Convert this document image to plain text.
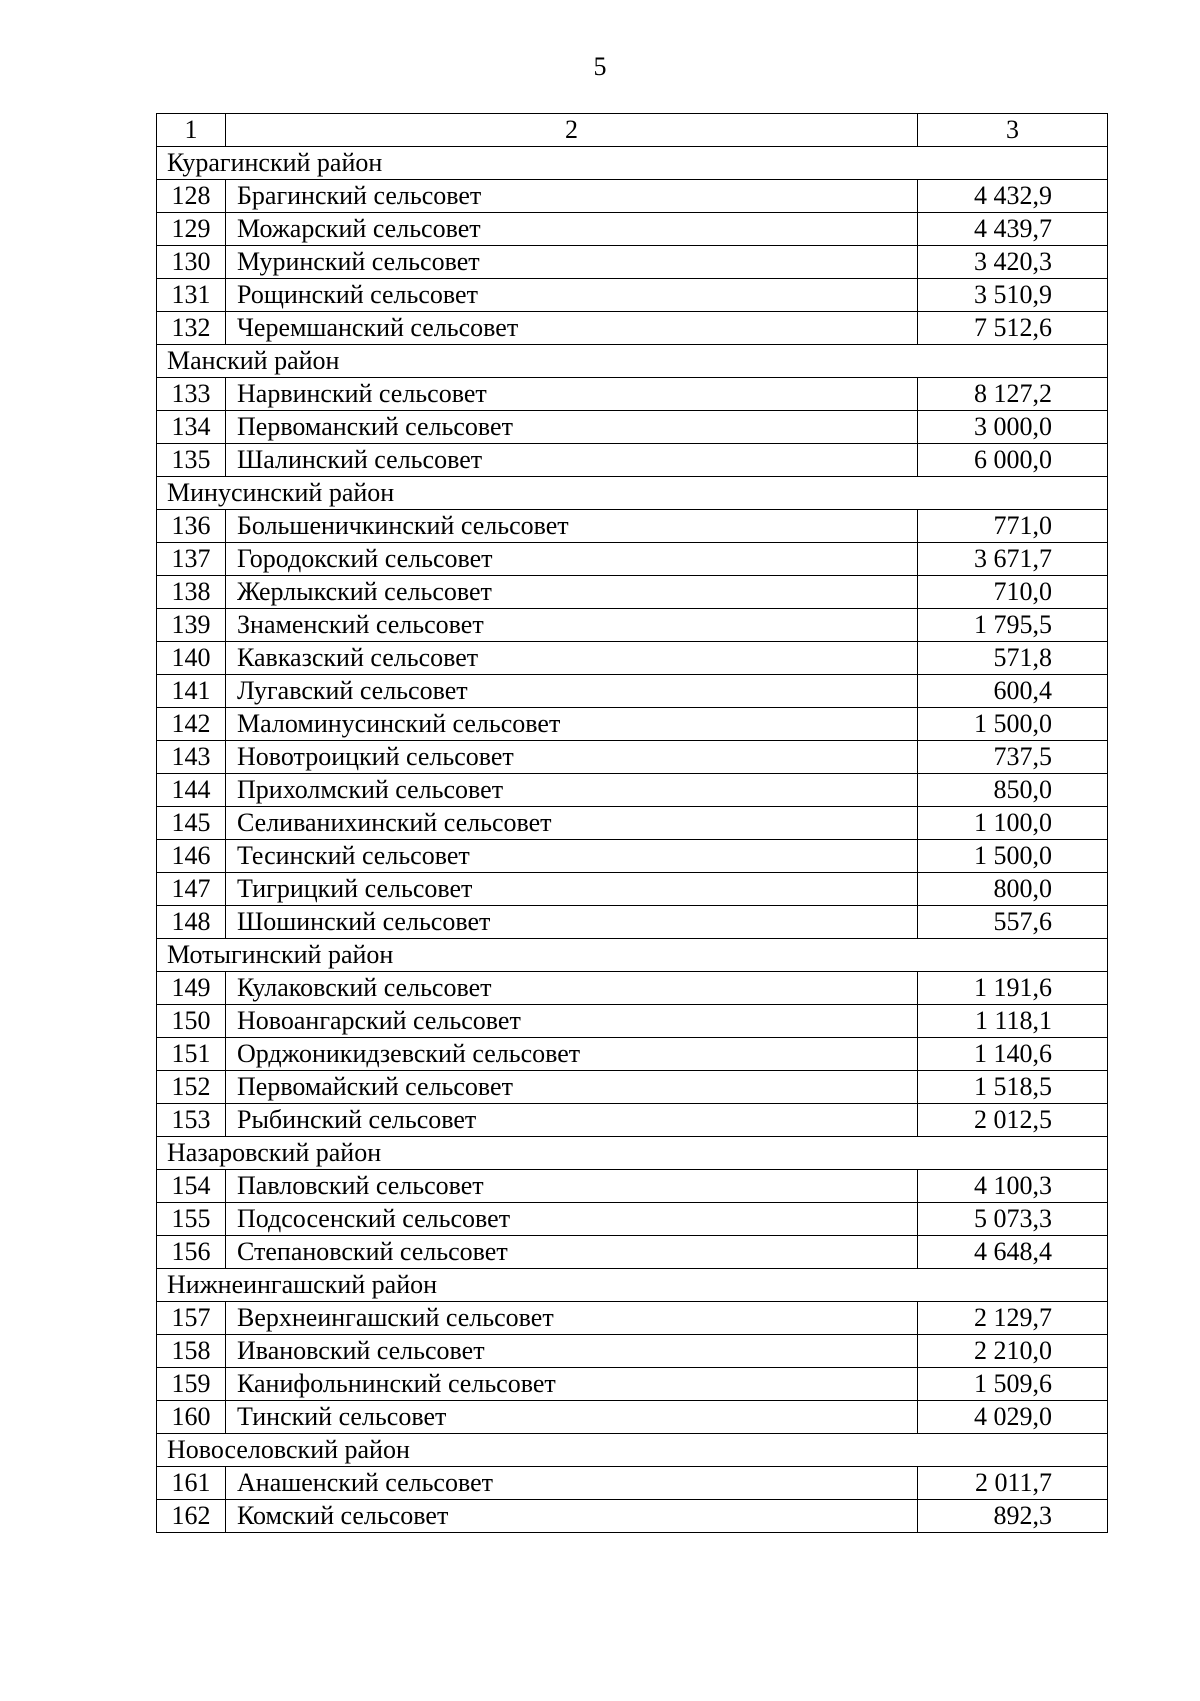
5
1	2	3
Курагинский район		
128	Брагинский сельсовет	4 432,9
129	Можарский сельсовет	4 439,7
130	Муринский сельсовет	3 420,3
131	Рощинский сельсовет	3 510,9
132	Черемшанский сельсовет	7 512,6
Манский район		
133	Нарвинский сельсовет	8 127,2
134	Первоманский сельсовет	3 000,0
135	Шалинский сельсовет	6 000,0
Минусинский район		
136	Большеничкинский сельсовет	771,0
137	Городокский сельсовет	3 671,7
138	Жерлыкский сельсовет	710,0
139	Знаменский сельсовет	1 795,5
140	Кавказский сельсовет	571,8
141	Лугавский сельсовет	600,4
142	Маломинусинский сельсовет	1 500,0
143	Новотроицкий сельсовет	737,5
144	Прихолмский сельсовет	850,0
145	Селиванихинский сельсовет	1 100,0
146	Тесинский сельсовет	1 500,0
147	Тигрицкий сельсовет	800,0
148	Шошинский сельсовет	557,6
Мотыгинский район		
149	Кулаковский сельсовет	1 191,6
150	Новоангарский сельсовет	1 118,1
151	Орджоникидзевский сельсовет	1 140,6
152	Первомайский сельсовет	1 518,5
153	Рыбинский сельсовет	2 012,5
Назаровский район		
154	Павловский сельсовет	4 100,3
155	Подсосенский сельсовет	5 073,3
156	Степановский сельсовет	4 648,4
Нижнеингашский район		
157	Верхнеингашский сельсовет	2 129,7
158	Ивановский сельсовет	2 210,0
159	Канифольнинский сельсовет	1 509,6
160	Тинский сельсовет	4 029,0
Новоселовский район		
161	Анашенский сельсовет	2 011,7
162	Комский сельсовет	892,3
